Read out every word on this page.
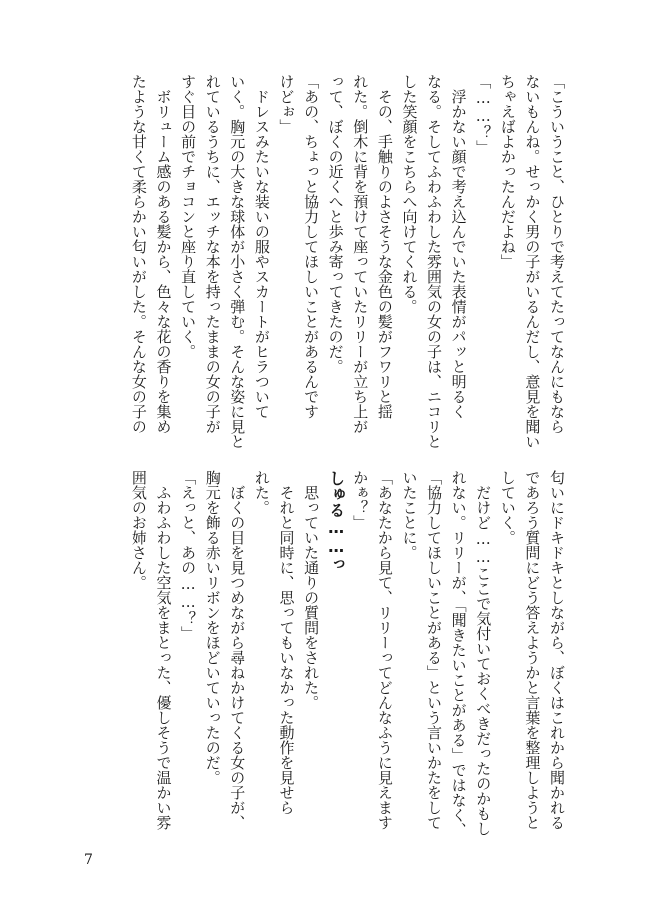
「こういうこと、ひとりで考えてたってなんにもなら

ないもんね。せっかく男の子がいるんだし、意見を聞い

ちゃえばよかったんだよね」

「……？」

　浮かない顔で考え込んでいた表情がパッと明るく

なる。そしてふわふわした雰囲気の女の子は、ニコリと

した笑顔をこちらへ向けてくれる。

　その、手触りのよさそうな金色の髪がフワリと揺

れた。倒木に背を預けて座っていたリリーが立ち上が

って、ぼくの近くへと歩み寄ってきたのだ。

「あの、ちょっと協力してほしいことがあるんです

けどぉ」

　ドレスみたいな装いの服やスカートがヒラついて

いく。胸元の大きな球体が小さく弾む。そんな姿に見と

れているうちに、エッチな本を持ったままの女の子が

すぐ目の前でチョコンと座り直していく。

　ボリューム感のある髪から、色々な花の香りを集め

たような甘くて柔らかい匂いがした。そんな女の子の

匂いにドキドキとしながら、ぼくはこれから聞かれる

であろう質問にどう答えようかと言葉を整理しようと

していく。

　だけど……ここで気付いておくべきだったのかもし

れない。リリーが、「聞きたいことがある」ではなく、

「協力してほしいことがある」という言いかたをして

いたことに。

「あなたから見て、リリーってどんなふうに見えます

かぁ？」

しゅる……っ

　思っていた通りの質問をされた。

　それと同時に、思ってもいなかった動作を見せら

れた。

　ぼくの目を見つめながら尋ねかけてくる女の子が、

胸元を飾る赤いリボンをほどいていったのだ。

「えっと、あの……？」

　ふわふわした空気をまとった、優しそうで温かい雰

囲気のお姉さん。

7
